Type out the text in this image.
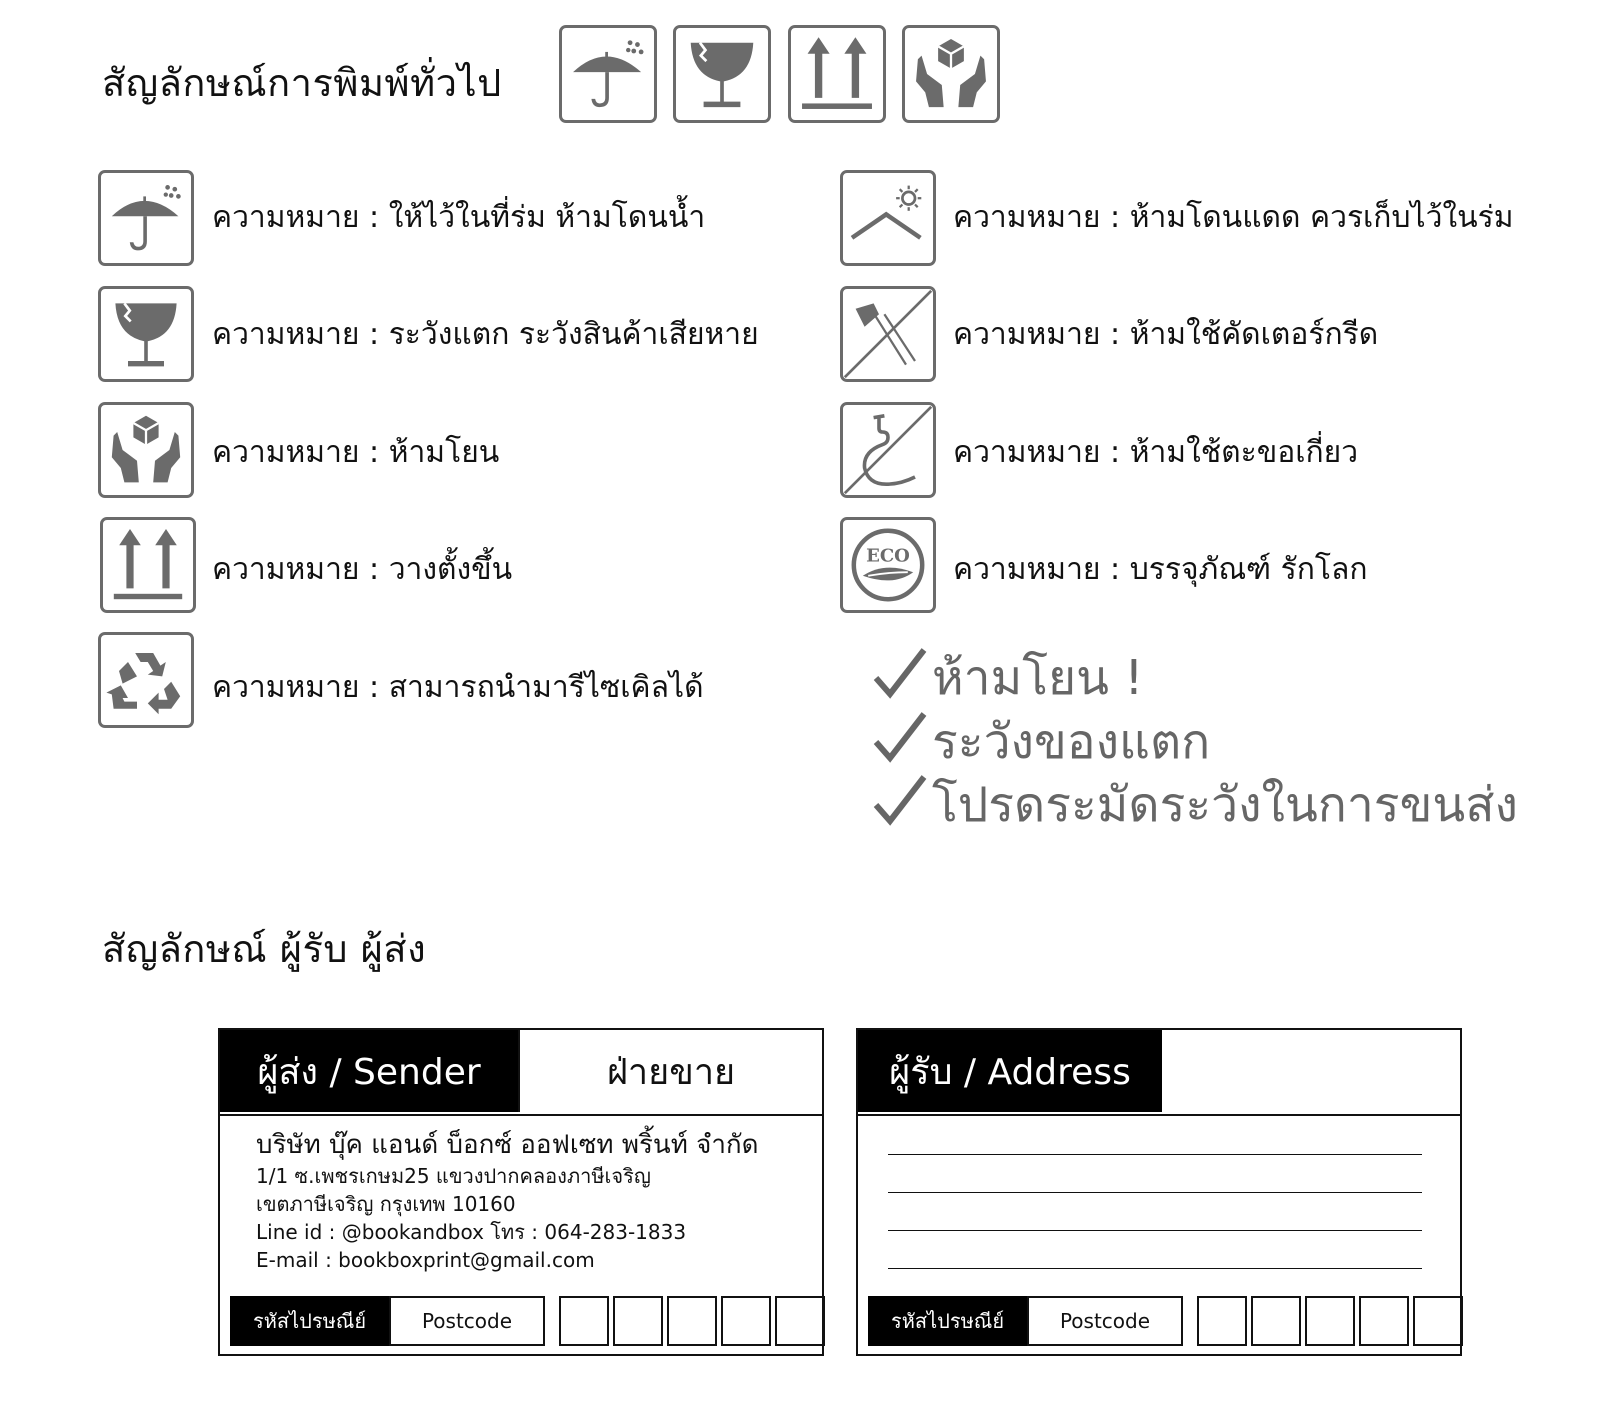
สัญลักษณ์การพิมพ์ทั่วไป
ความหมาย : ให้ไว้ในที่ร่ม ห้ามโดนน้ำ
ความหมาย : ระวังแตก ระวังสินค้าเสียหาย
ความหมาย : ห้ามโยน
ความหมาย : วางตั้งขึ้น
ความหมาย : สามารถนำมารีไซเคิลได้
ความหมาย : ห้ามโดนแดด ควรเก็บไว้ในร่ม
ความหมาย : ห้ามใช้คัดเตอร์กรีด
ความหมาย : ห้ามใช้ตะขอเกี่ยว
ECO ความหมาย : บรรจุภัณฑ์ รักโลก
ห้ามโยน !
ระวังของแตก
โปรดระมัดระวังในการขนส่ง
สัญลักษณ์ ผู้รับ ผู้ส่ง
ผู้ส่ง / Sender	ฝ่ายขาย
บริษัท บุ๊ค แอนด์ บ็อกซ์ ออฟเซท พริ้นท์ จำกัด
1/1 ซ.เพชรเกษม25 แขวงปากคลองภาษีเจริญ
เขตภาษีเจริญ กรุงเทพ 10160
Line id : @bookandbox โทร : 064-283-1833
E-mail : bookboxprint@gmail.com
รหัสไปรษณีย์	Postcode
ผู้รับ / Address
รหัสไปรษณีย์	Postcode
